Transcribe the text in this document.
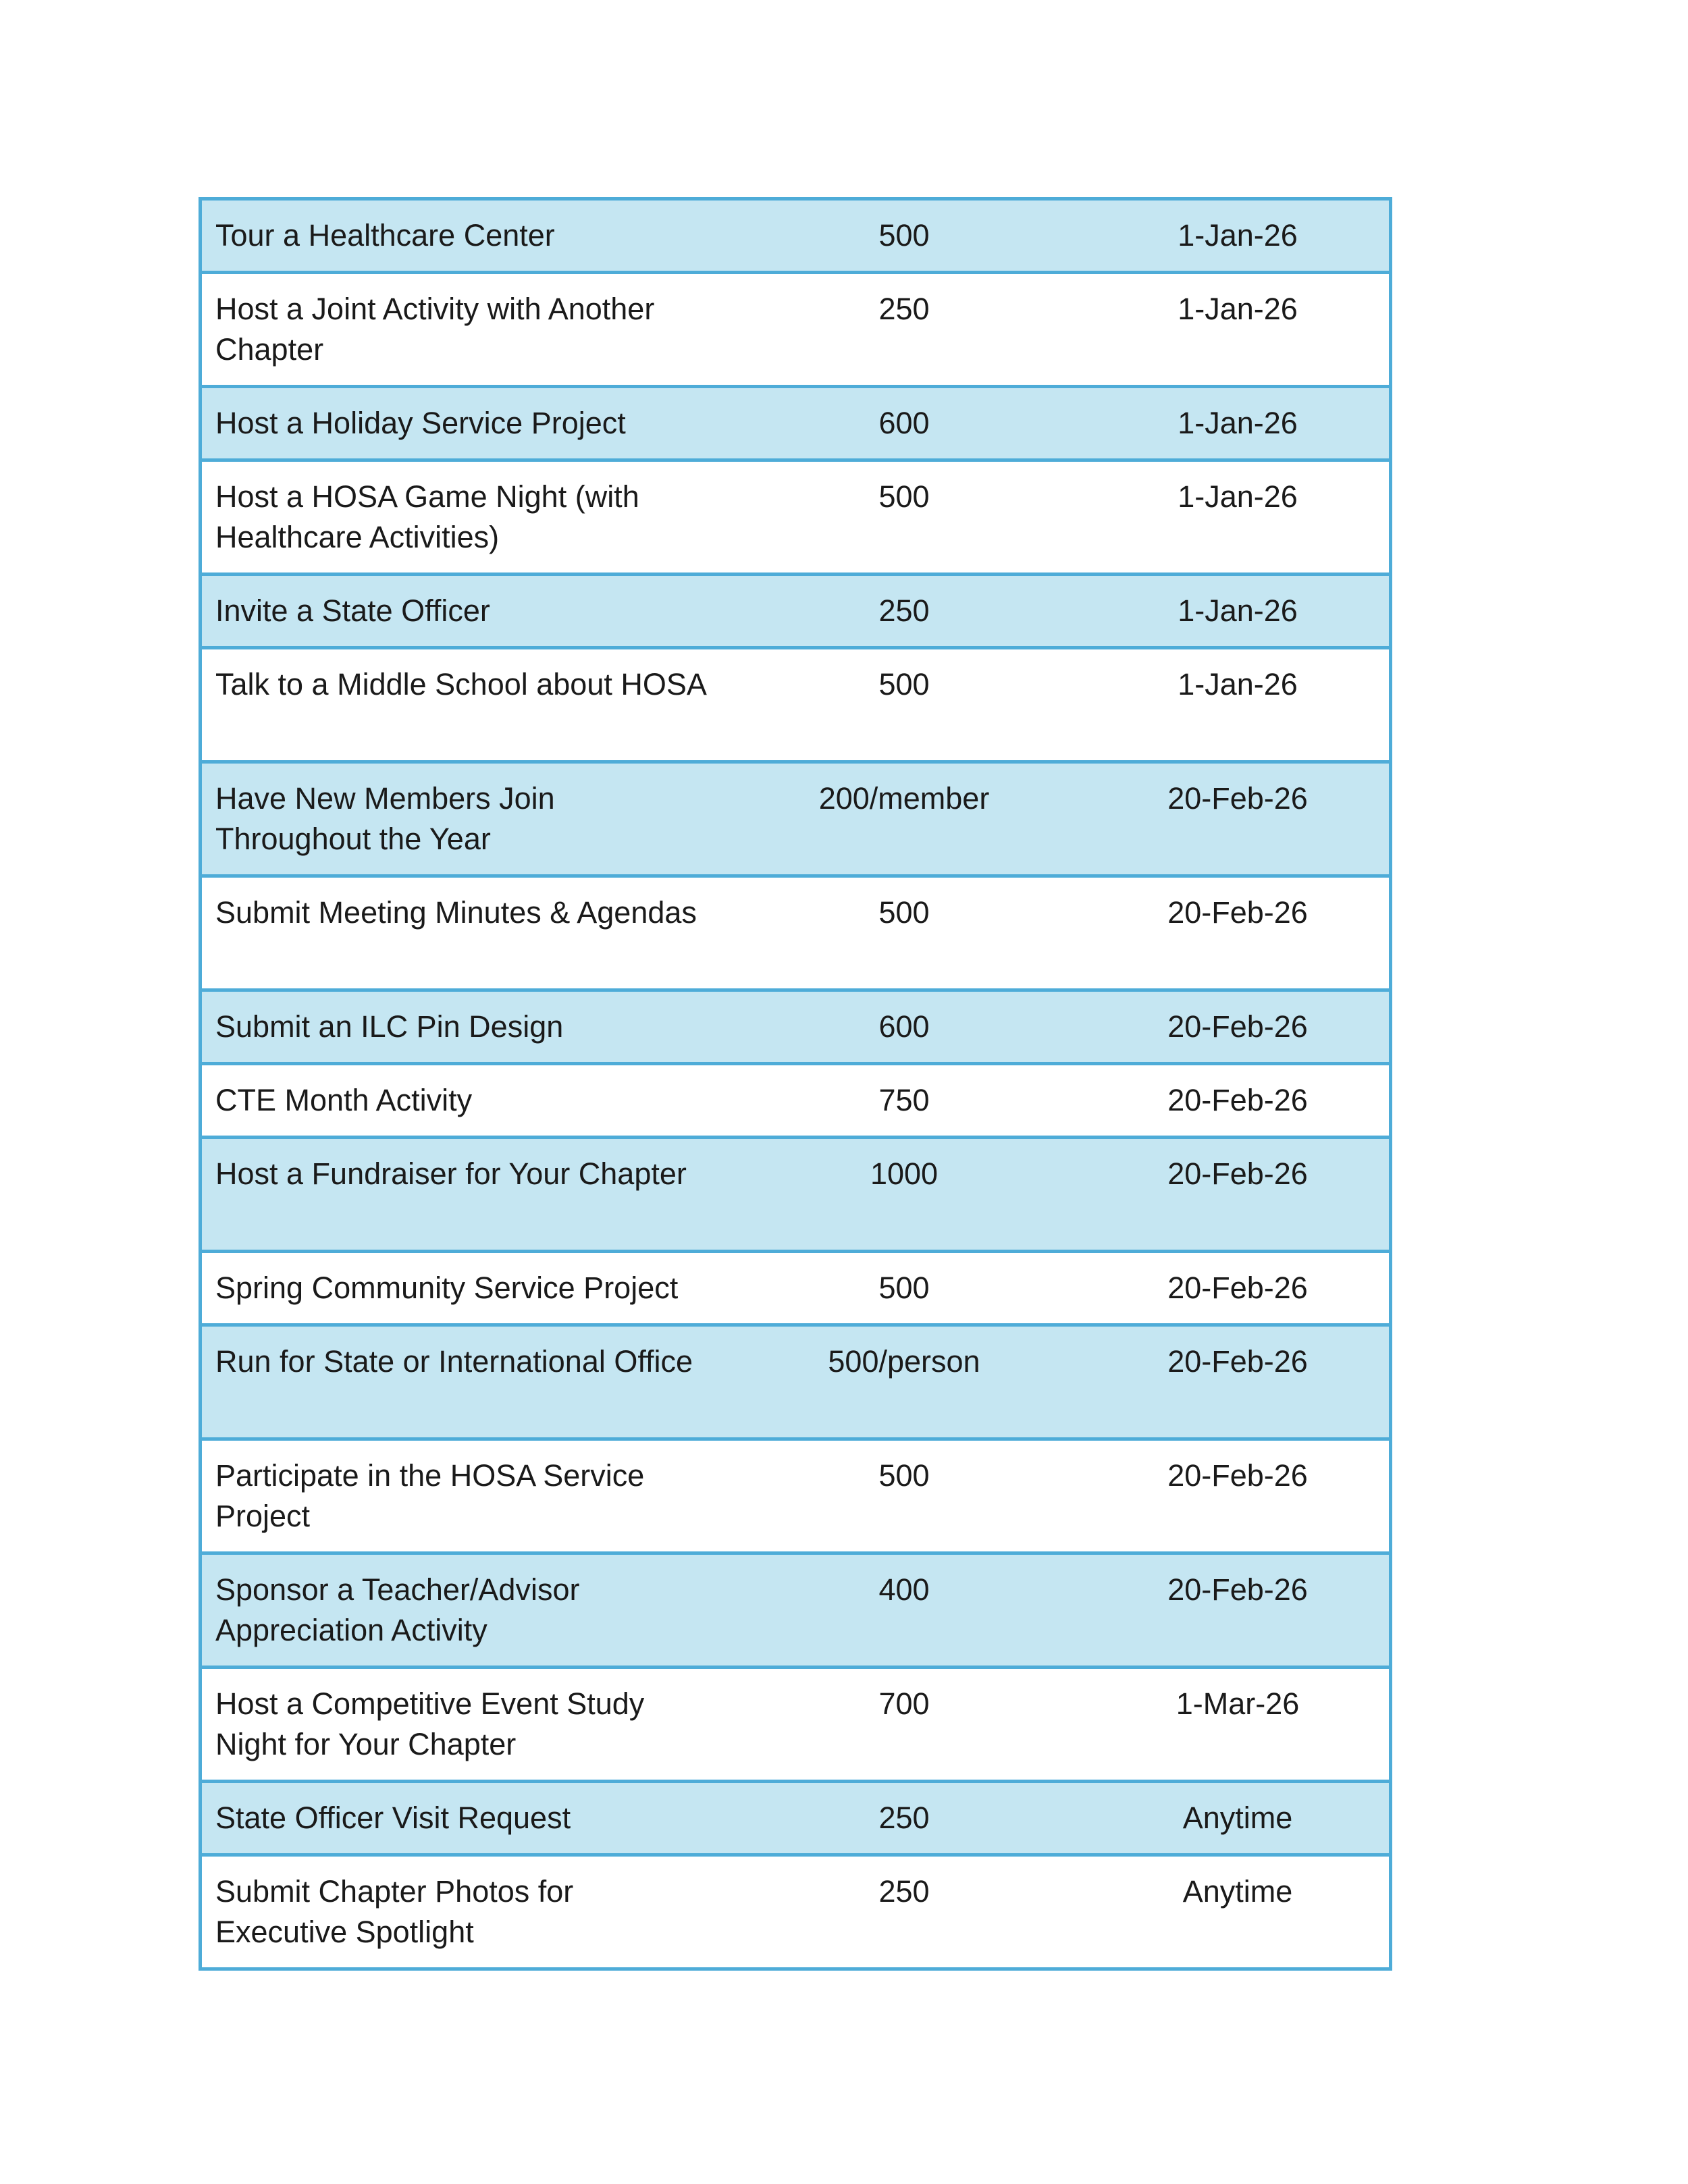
Tour a Healthcare Center	500	1-Jan-26
Host a Joint Activity with Another Chapter	250	1-Jan-26
Host a Holiday Service Project	600	1-Jan-26
Host a HOSA Game Night (with Healthcare Activities)	500	1-Jan-26
Invite a State Officer	250	1-Jan-26
Talk to a Middle School about HOSA	500	1-Jan-26
Have New Members Join Throughout the Year	200/member	20-Feb-26
Submit Meeting Minutes & Agendas	500	20-Feb-26
Submit an ILC Pin Design	600	20-Feb-26
CTE Month Activity	750	20-Feb-26
Host a Fundraiser for Your Chapter	1000	20-Feb-26
Spring Community Service Project	500	20-Feb-26
Run for State or International Office	500/person	20-Feb-26
Participate in the HOSA Service Project	500	20-Feb-26
Sponsor a Teacher/Advisor Appreciation Activity	400	20-Feb-26
Host a Competitive Event Study Night for Your Chapter	700	1-Mar-26
State Officer Visit Request	250	Anytime
Submit Chapter Photos for Executive Spotlight	250	Anytime
